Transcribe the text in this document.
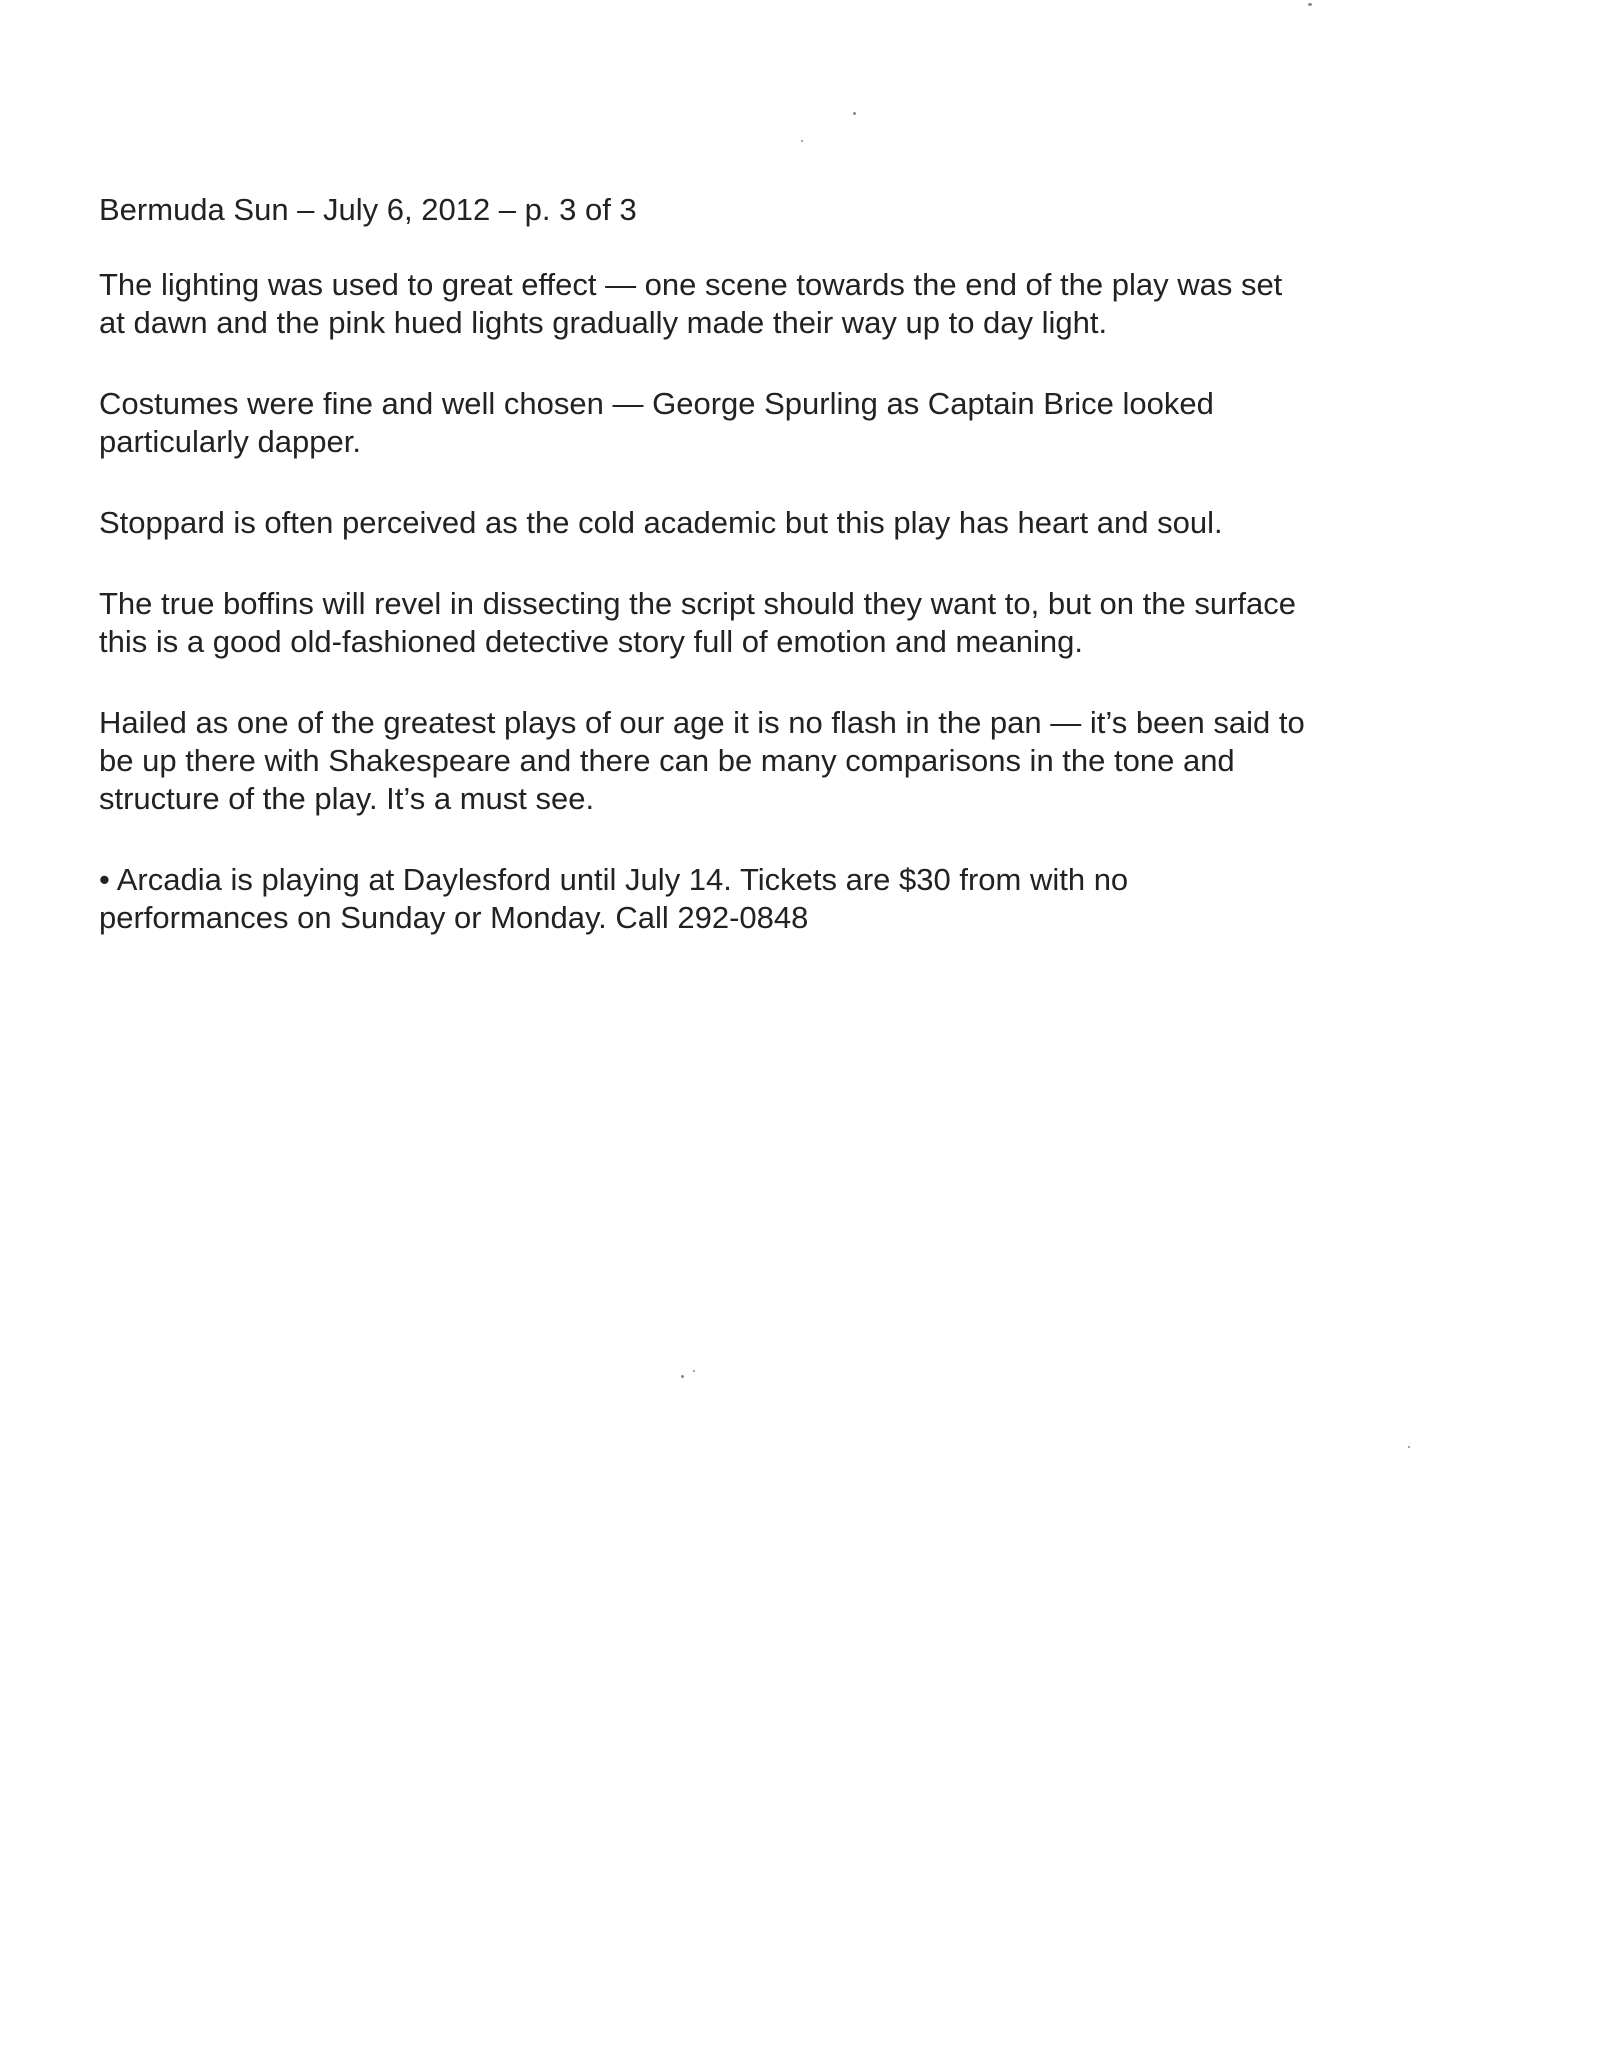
Bermuda Sun – July 6, 2012 – p. 3 of 3

The lighting was used to great effect — one scene towards the end of the play was set
at dawn and the pink hued lights gradually made their way up to day light.

Costumes were fine and well chosen — George Spurling as Captain Brice looked
particularly dapper.

Stoppard is often perceived as the cold academic but this play has heart and soul.

The true boffins will revel in dissecting the script should they want to, but on the surface
this is a good old-fashioned detective story full of emotion and meaning.

Hailed as one of the greatest plays of our age it is no flash in the pan — it’s been said to
be up there with Shakespeare and there can be many comparisons in the tone and
structure of the play. It’s a must see.

• Arcadia is playing at Daylesford until July 14. Tickets are $30 from with no
performances on Sunday or Monday. Call 292-0848
